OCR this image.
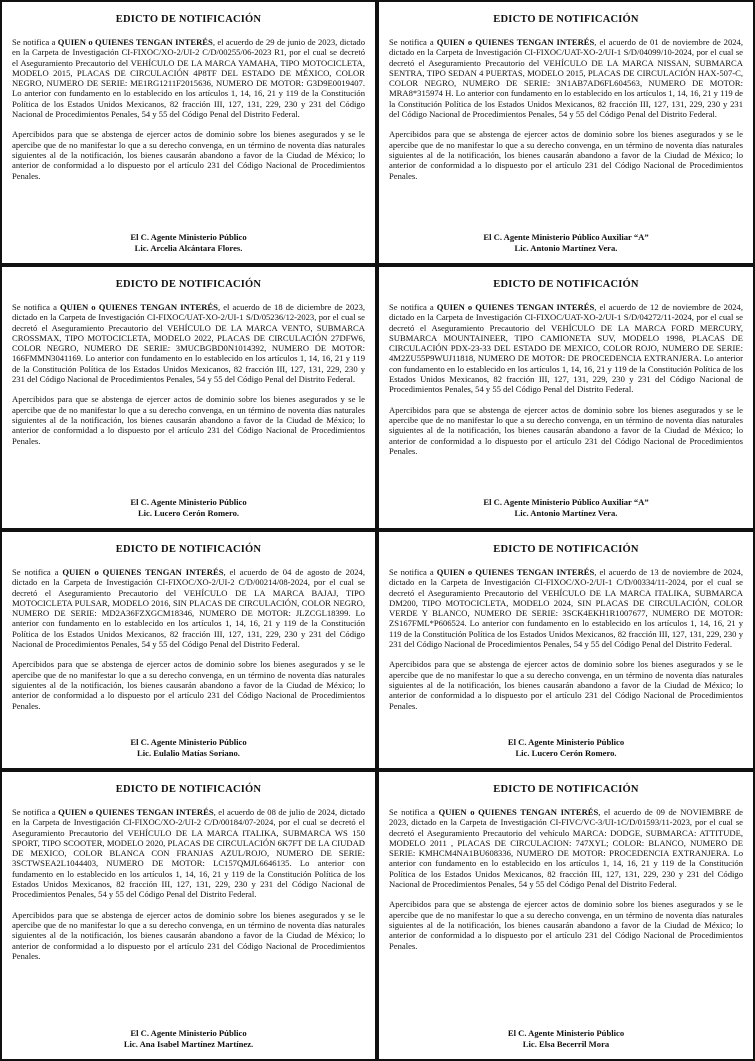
EDICTO DE NOTIFICACIÓN
Se notifica a QUIEN o QUIENES TENGAN INTERÉS, el acuerdo de 29 de junio de 2023, dictado en la Carpeta de Investigación CI-FIXOC/XO-2/UI-2 C/D/00255/06-2023 R1, por el cual se decretó el Aseguramiento Precautorio del VEHÍCULO DE LA MARCA YAMAHA, TIPO MOTOCICLETA, MODELO 2015, PLACAS DE CIRCULACIÓN 4P8TF DEL ESTADO DE MÉXICO, COLOR NEGRO, NUMERO DE SERIE: ME1RG1211F2015636, NUMERO DE MOTOR: G3D9E0019407. Lo anterior con fundamento en lo establecido en los artículos 1, 14, 16, 21 y 119 de la Constitución Política de los Estados Unidos Mexicanos, 82 fracción III, 127, 131, 229, 230 y 231 del Código Nacional de Procedimientos Penales, 54 y 55 del Código Penal del Distrito Federal.
Apercibidos para que se abstenga de ejercer actos de dominio sobre los bienes asegurados y se le apercibe que de no manifestar lo que a su derecho convenga, en un término de noventa días naturales siguientes al de la notificación, los bienes causarán abandono a favor de la Ciudad de México; lo anterior de conformidad a lo dispuesto por el artículo 231 del Código Nacional de Procedimientos Penales.
El C. Agente Ministerio Público
Lic. Arcelia Alcántara Flores.
EDICTO DE NOTIFICACIÓN
Se notifica a QUIEN o QUIENES TENGAN INTERÉS, el acuerdo de 01 de noviembre de 2024, dictado en la Carpeta de Investigación CI-FIXOC/UAT-XO-2/UI-1 S/D/04099/10-2024, por el cual se decretó el Aseguramiento Precautorio del VEHÍCULO DE LA MARCA NISSAN, SUBMARCA SENTRA, TIPO SEDAN 4 PUERTAS, MODELO 2015, PLACAS DE CIRCULACIÓN HAX-507-C, COLOR NEGRO, NUMERO DE SERIE: 3N1AB7AD6FL604563, NUMERO DE MOTOR: MRA8*315974 H. Lo anterior con fundamento en lo establecido en los artículos 1, 14, 16, 21 y 119 de la Constitución Política de los Estados Unidos Mexicanos, 82 fracción III, 127, 131, 229, 230 y 231 del Código Nacional de Procedimientos Penales, 54 y 55 del Código Penal del Distrito Federal.
Apercibidos para que se abstenga de ejercer actos de dominio sobre los bienes asegurados y se le apercibe que de no manifestar lo que a su derecho convenga, en un término de noventa días naturales siguientes al de la notificación, los bienes causarán abandono a favor de la Ciudad de México; lo anterior de conformidad a lo dispuesto por el artículo 231 del Código Nacional de Procedimientos Penales.
El C. Agente Ministerio Público Auxiliar “A”
Lic. Antonio Martínez Vera.
EDICTO DE NOTIFICACIÓN
Se notifica a QUIEN o QUIENES TENGAN INTERÉS, el acuerdo de 18 de diciembre de 2023, dictado en la Carpeta de Investigación CI-FIXOC/UAT-XO-2/UI-1 S/D/05236/12-2023, por el cual se decretó el Aseguramiento Precautorio del VEHÍCULO DE LA MARCA VENTO, SUBMARCA CROSSMAX, TIPO MOTOCICLETA, MODELO 2022, PLACAS DE CIRCULACIÓN 27DFW6, COLOR NEGRO, NUMERO DE SERIE: 3MUCBGBD0N1014392, NUMERO DE MOTOR: 166FMMN3041169. Lo anterior con fundamento en lo establecido en los artículos 1, 14, 16, 21 y 119 de la Constitución Política de los Estados Unidos Mexicanos, 82 fracción III, 127, 131, 229, 230 y 231 del Código Nacional de Procedimientos Penales, 54 y 55 del Código Penal del Distrito Federal.
Apercibidos para que se abstenga de ejercer actos de dominio sobre los bienes asegurados y se le apercibe que de no manifestar lo que a su derecho convenga, en un término de noventa días naturales siguientes al de la notificación, los bienes causarán abandono a favor de la Ciudad de México; lo anterior de conformidad a lo dispuesto por el artículo 231 del Código Nacional de Procedimientos Penales.
El C. Agente Ministerio Público
Lic. Lucero Cerón Romero.
EDICTO DE NOTIFICACIÓN
Se notifica a QUIEN o QUIENES TENGAN INTERÉS, el acuerdo de 12 de noviembre de 2024, dictado en la Carpeta de Investigación CI-FIXOC/UAT-XO-2/UI-1 S/D/04272/11-2024, por el cual se decretó el Aseguramiento Precautorio del VEHÍCULO DE LA MARCA FORD MERCURY, SUBMARCA MOUNTAINEER, TIPO CAMIONETA SUV, MODELO 1998, PLACAS DE CIRCULACIÓN PDX-23-33 DEL ESTADO DE MEXICO, COLOR ROJO, NUMERO DE SERIE: 4M2ZU55P9WUJ11818, NUMERO DE MOTOR: DE PROCEDENCIA EXTRANJERA. Lo anterior con fundamento en lo establecido en los artículos 1, 14, 16, 21 y 119 de la Constitución Política de los Estados Unidos Mexicanos, 82 fracción III, 127, 131, 229, 230 y 231 del Código Nacional de Procedimientos Penales, 54 y 55 del Código Penal del Distrito Federal.
Apercibidos para que se abstenga de ejercer actos de dominio sobre los bienes asegurados y se le apercibe que de no manifestar lo que a su derecho convenga, en un término de noventa días naturales siguientes al de la notificación, los bienes causarán abandono a favor de la Ciudad de México; lo anterior de conformidad a lo dispuesto por el artículo 231 del Código Nacional de Procedimientos Penales.
El C. Agente Ministerio Público Auxiliar “A”
Lic. Antonio Martínez Vera.
EDICTO DE NOTIFICACIÓN
Se notifica a QUIEN o QUIENES TENGAN INTERÉS, el acuerdo de 04 de agosto de 2024, dictado en la Carpeta de Investigación CI-FIXOC/XO-2/UI-2 C/D/00214/08-2024, por el cual se decretó el Aseguramiento Precautorio del VEHÍCULO DE LA MARCA BAJAJ, TIPO MOTOCICLETA PULSAR, MODELO 2016, SIN PLACAS DE CIRCULACIÓN, COLOR NEGRO, NUMERO DE SERIE: MD2A36FZXGCM18346, NUMERO DE MOTOR: JLZCGL18399. Lo anterior con fundamento en lo establecido en los artículos 1, 14, 16, 21 y 119 de la Constitución Política de los Estados Unidos Mexicanos, 82 fracción III, 127, 131, 229, 230 y 231 del Código Nacional de Procedimientos Penales, 54 y 55 del Código Penal del Distrito Federal.
Apercibidos para que se abstenga de ejercer actos de dominio sobre los bienes asegurados y se le apercibe que de no manifestar lo que a su derecho convenga, en un término de noventa días naturales siguientes al de la notificación, los bienes causarán abandono a favor de la Ciudad de México; lo anterior de conformidad a lo dispuesto por el artículo 231 del Código Nacional de Procedimientos Penales.
El C. Agente Ministerio Público
Lic. Eulalio Matías Soriano.
EDICTO DE NOTIFICACIÓN
Se notifica a QUIEN o QUIENES TENGAN INTERÉS, el acuerdo de 13 de noviembre de 2024, dictado en la Carpeta de Investigación CI-FIXOC/XO-2/UI-1 C/D/00334/11-2024, por el cual se decretó el Aseguramiento Precautorio del VEHÍCULO DE LA MARCA ITALIKA, SUBMARCA DM200, TIPO MOTOCICLETA, MODELO 2024, SIN PLACAS DE CIRCULACIÓN, COLOR VERDE Y BLANCO, NUMERO DE SERIE: 3SCK4EKH1R1007677, NUMERO DE MOTOR: ZS167FML*P606524. Lo anterior con fundamento en lo establecido en los artículos 1, 14, 16, 21 y 119 de la Constitución Política de los Estados Unidos Mexicanos, 82 fracción III, 127, 131, 229, 230 y 231 del Código Nacional de Procedimientos Penales, 54 y 55 del Código Penal del Distrito Federal.
Apercibidos para que se abstenga de ejercer actos de dominio sobre los bienes asegurados y se le apercibe que de no manifestar lo que a su derecho convenga, en un término de noventa días naturales siguientes al de la notificación, los bienes causarán abandono a favor de la Ciudad de México; lo anterior de conformidad a lo dispuesto por el artículo 231 del Código Nacional de Procedimientos Penales.
El C. Agente Ministerio Público
Lic. Lucero Cerón Romero.
EDICTO DE NOTIFICACIÓN
Se notifica a QUIEN o QUIENES TENGAN INTERÉS, el acuerdo de 08 de julio de 2024, dictado en la Carpeta de Investigación CI-FIXOC/XO-2/UI-2 C/D/00184/07-2024, por el cual se decretó el Aseguramiento Precautorio del VEHÍCULO DE LA MARCA ITALIKA, SUBMARCA WS 150 SPORT, TIPO SCOOTER, MODELO 2020, PLACAS DE CIRCULACIÓN 6K7FT DE LA CIUDAD DE MEXICO, COLOR BLANCA CON FRANJAS AZUL/ROJO, NUMERO DE SERIE: 3SCTWSEA2L1044403, NUMERO DE MOTOR: LC157QMJL6646135. Lo anterior con fundamento en lo establecido en los artículos 1, 14, 16, 21 y 119 de la Constitución Política de los Estados Unidos Mexicanos, 82 fracción III, 127, 131, 229, 230 y 231 del Código Nacional de Procedimientos Penales, 54 y 55 del Código Penal del Distrito Federal.
Apercibidos para que se abstenga de ejercer actos de dominio sobre los bienes asegurados y se le apercibe que de no manifestar lo que a su derecho convenga, en un término de noventa días naturales siguientes al de la notificación, los bienes causarán abandono a favor de la Ciudad de México; lo anterior de conformidad a lo dispuesto por el artículo 231 del Código Nacional de Procedimientos Penales.
El C. Agente Ministerio Público
Lic. Ana Isabel Martínez Martínez.
EDICTO DE NOTIFICACIÓN
Se notifica a QUIEN o QUIENES TENGAN INTERÉS, el acuerdo de 09 de NOVIEMBRE de 2023, dictado en la Carpeta de Investigación CI-FIVC/VC-3/UI-1C/D/01593/11-2023, por el cual se decretó el Aseguramiento Precautorio del vehículo MARCA: DODGE, SUBMARCA: ATTITUDE, MODELO 2011 , PLACAS DE CIRCULACION: 747XYL; COLOR: BLANCO, NUMERO DE SERIE: KMHCM4NA1BU608336, NUMERO DE MOTOR: PROCEDENCIA EXTRANJERA. Lo anterior con fundamento en lo establecido en los artículos 1, 14, 16, 21 y 119 de la Constitución Política de los Estados Unidos Mexicanos, 82 fracción III, 127, 131, 229, 230 y 231 del Código Nacional de Procedimientos Penales, 54 y 55 del Código Penal del Distrito Federal.
Apercibidos para que se abstenga de ejercer actos de dominio sobre los bienes asegurados y se le apercibe que de no manifestar lo que a su derecho convenga, en un término de noventa días naturales siguientes al de la notificación, los bienes causarán abandono a favor de la Ciudad de México; lo anterior de conformidad a lo dispuesto por el artículo 231 del Código Nacional de Procedimientos Penales.
El C. Agente Ministerio Público
Lic. Elsa Becerril Mora
